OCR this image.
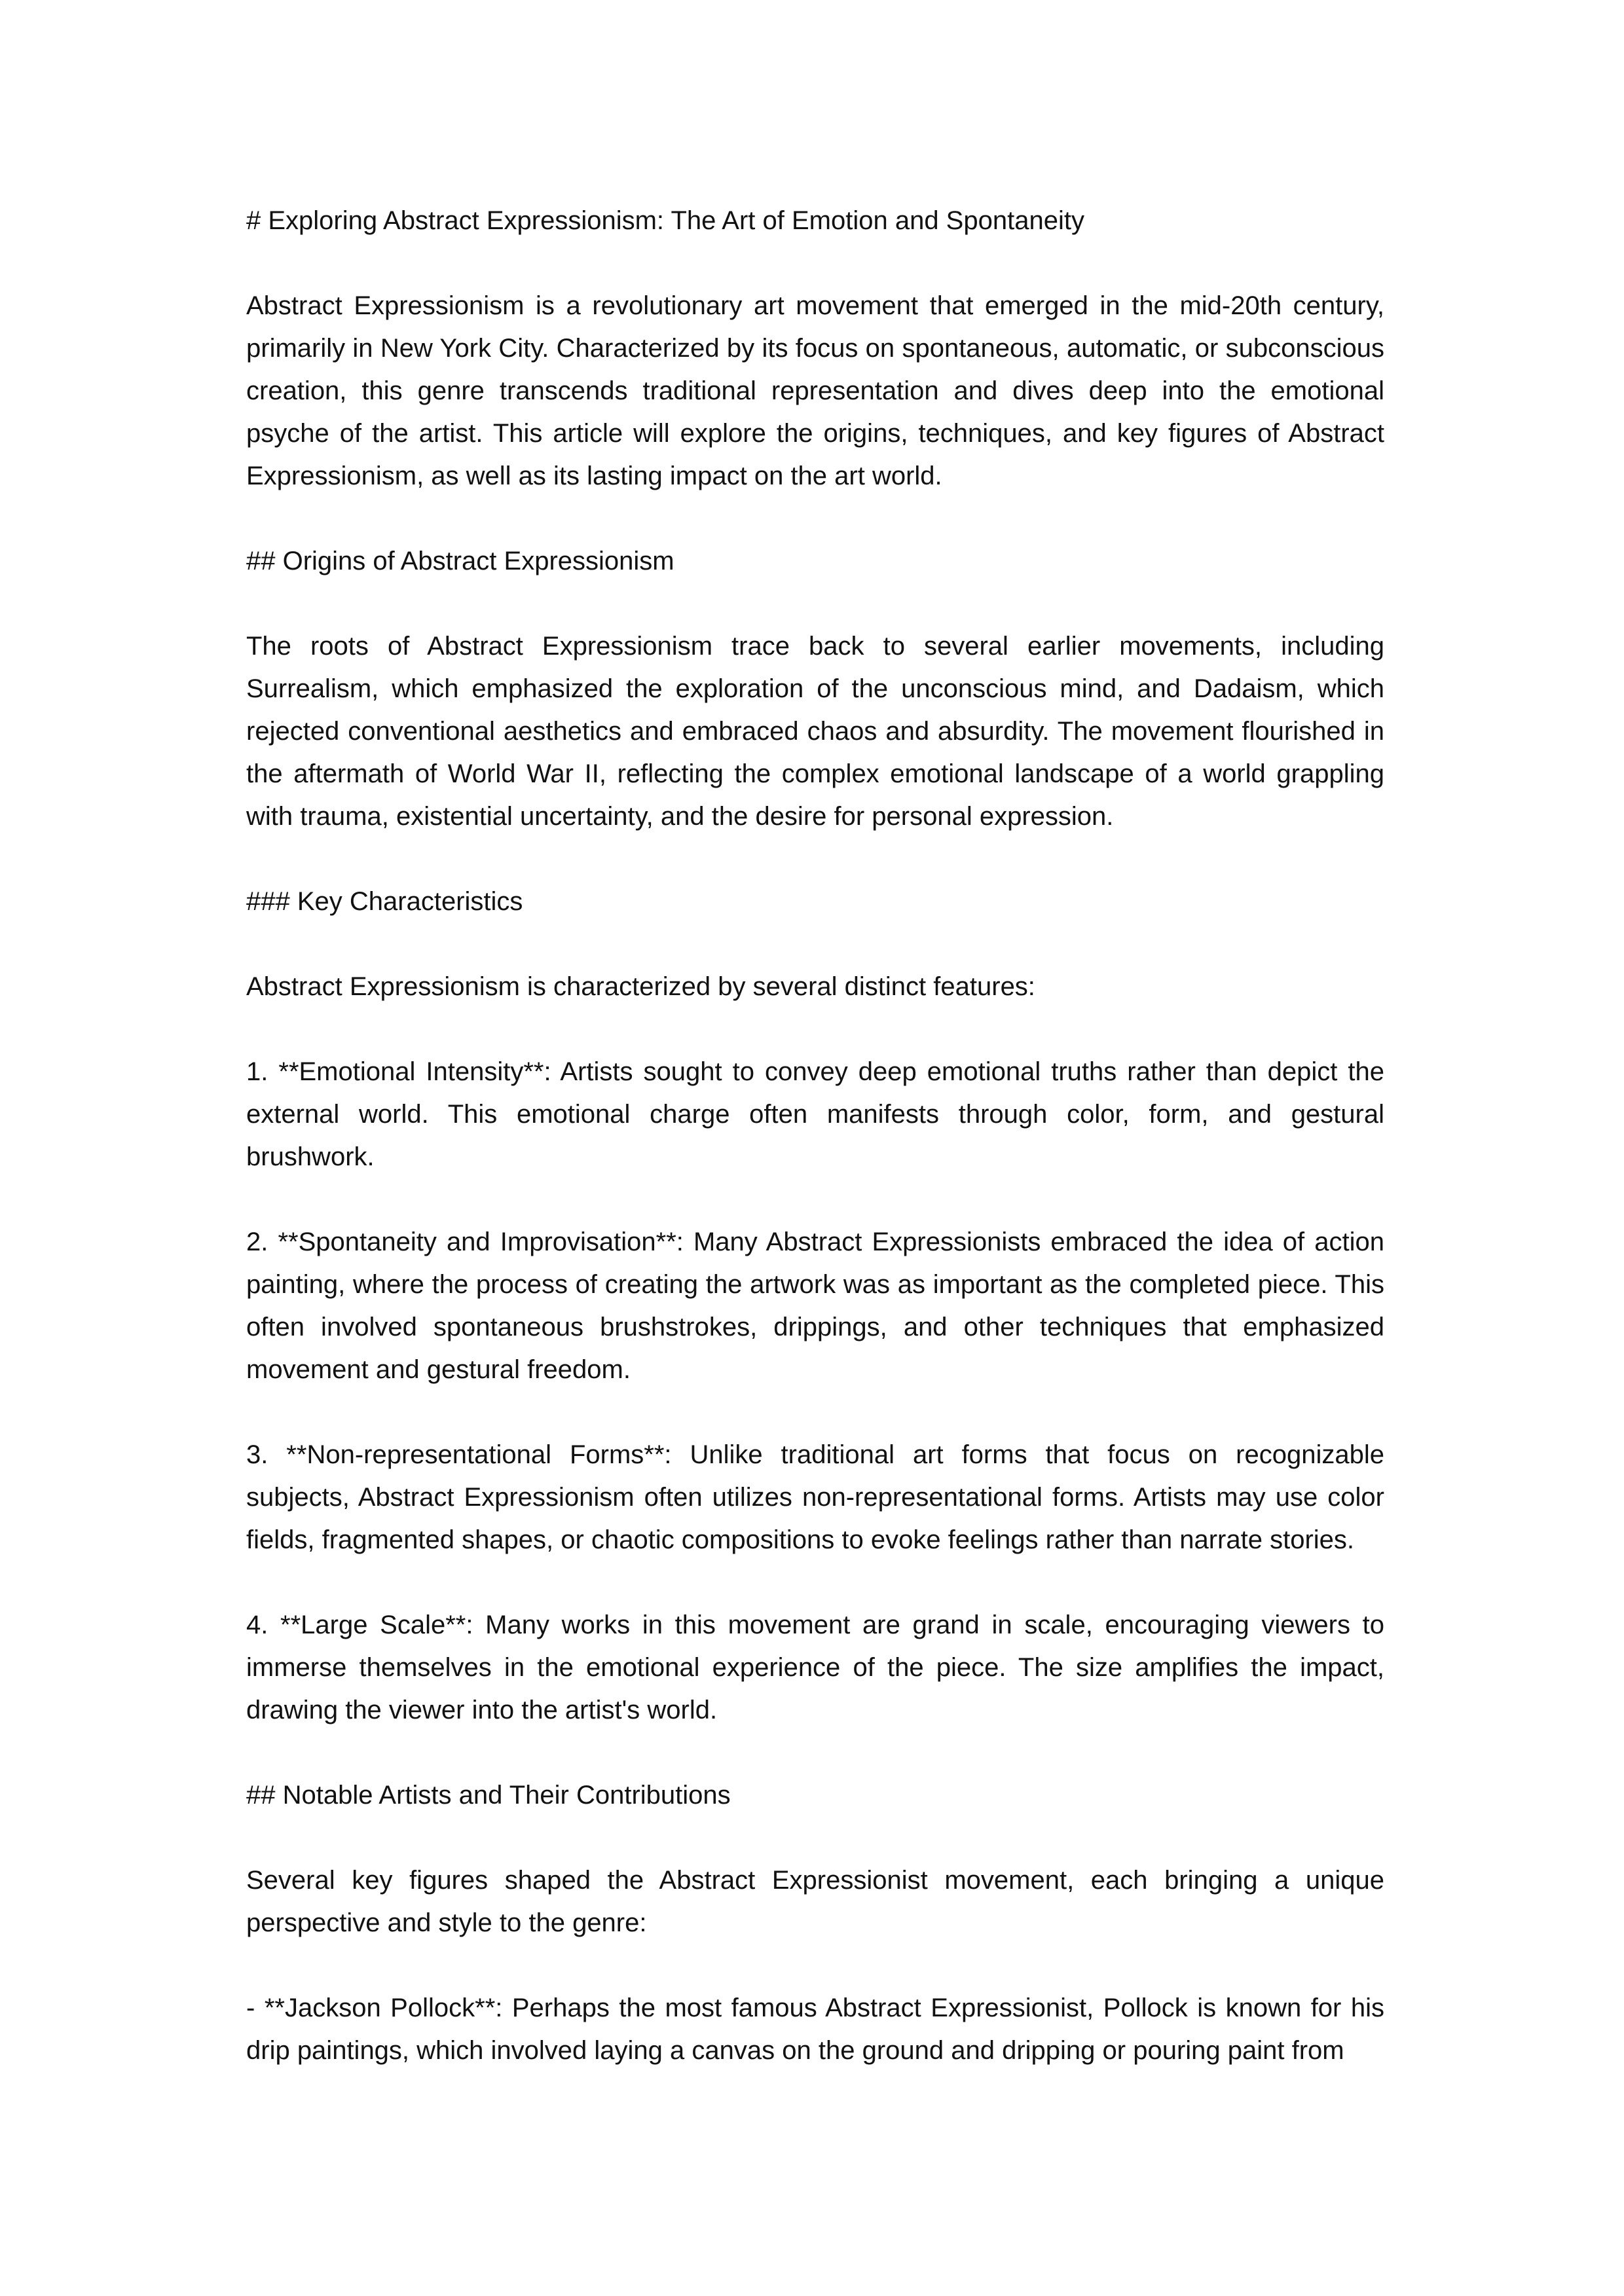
# Exploring Abstract Expressionism: The Art of Emotion and Spontaneity

Abstract Expressionism is a revolutionary art movement that emerged in the mid-20th century, primarily in New York City. Characterized by its focus on spontaneous, automatic, or subconscious creation, this genre transcends traditional representation and dives deep into the emotional psyche of the artist. This article will explore the origins, techniques, and key figures of Abstract Expressionism, as well as its lasting impact on the art world.

## Origins of Abstract Expressionism

The roots of Abstract Expressionism trace back to several earlier movements, including Surrealism, which emphasized the exploration of the unconscious mind, and Dadaism, which rejected conventional aesthetics and embraced chaos and absurdity. The movement flourished in the aftermath of World War II, reflecting the complex emotional landscape of a world grappling with trauma, existential uncertainty, and the desire for personal expression.

### Key Characteristics

Abstract Expressionism is characterized by several distinct features:

1. **Emotional Intensity**: Artists sought to convey deep emotional truths rather than depict the external world. This emotional charge often manifests through color, form, and gestural brushwork.

2. **Spontaneity and Improvisation**: Many Abstract Expressionists embraced the idea of action painting, where the process of creating the artwork was as important as the completed piece. This often involved spontaneous brushstrokes, drippings, and other techniques that emphasized movement and gestural freedom.

3. **Non-representational Forms**: Unlike traditional art forms that focus on recognizable subjects, Abstract Expressionism often utilizes non-representational forms. Artists may use color fields, fragmented shapes, or chaotic compositions to evoke feelings rather than narrate stories.

4. **Large Scale**: Many works in this movement are grand in scale, encouraging viewers to immerse themselves in the emotional experience of the piece. The size amplifies the impact, drawing the viewer into the artist's world.

## Notable Artists and Their Contributions

Several key figures shaped the Abstract Expressionist movement, each bringing a unique perspective and style to the genre:

- **Jackson Pollock**: Perhaps the most famous Abstract Expressionist, Pollock is known for his drip paintings, which involved laying a canvas on the ground and dripping or pouring paint from
